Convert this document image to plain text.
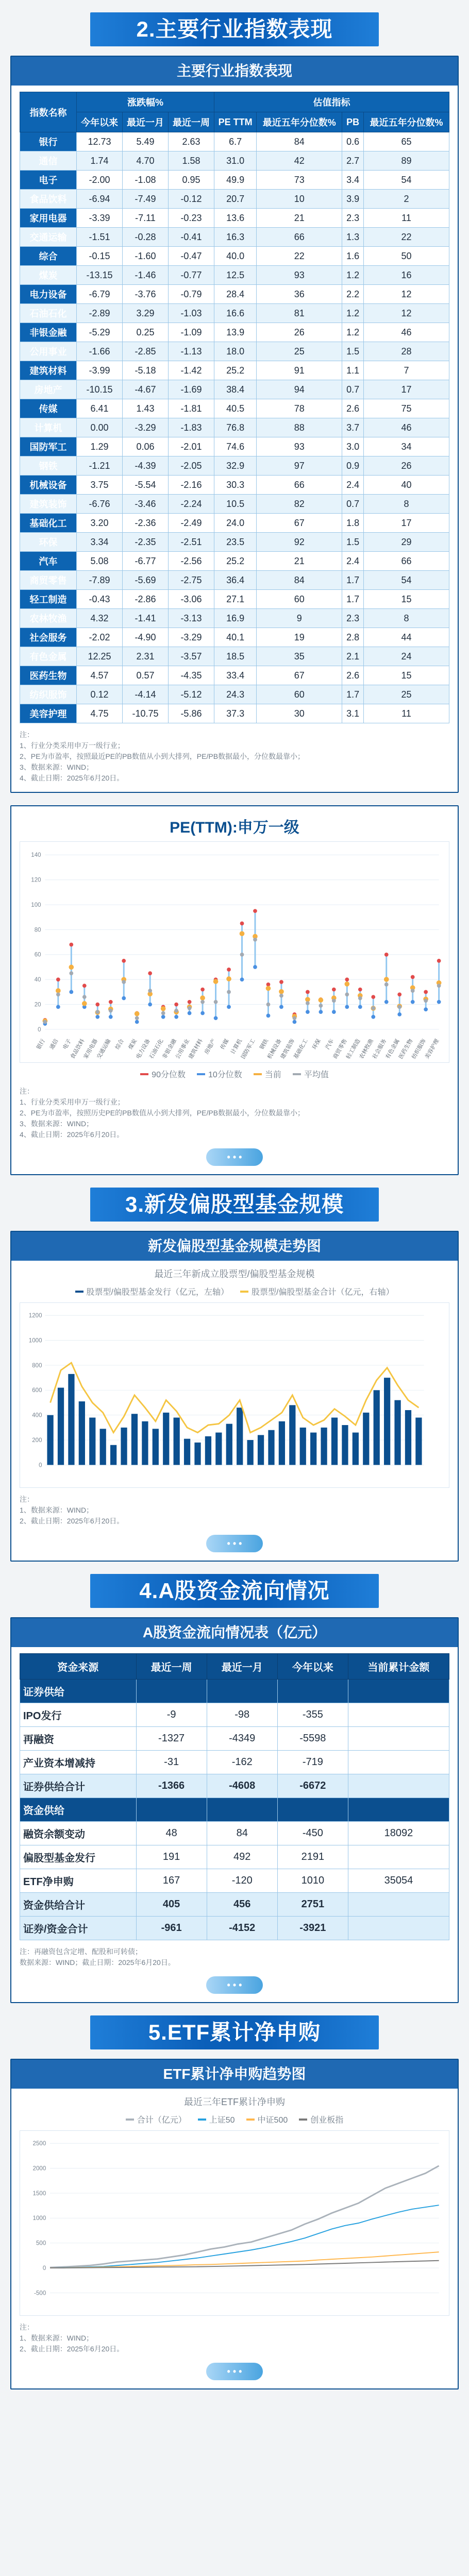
2.主要行业指数表现
主要行业指数表现
指数名称	涨跌幅%			估值指标			
	今年以来	最近一月	最近一周	PE TTM	最近五年分位数%	PB	最近五年分位数%
银行	12.73	5.49	2.63	6.7	84	0.6	65
通信	1.74	4.70	1.58	31.0	42	2.7	89
电子	-2.00	-1.08	0.95	49.9	73	3.4	54
食品饮料	-6.94	-7.49	-0.12	20.7	10	3.9	2
家用电器	-3.39	-7.11	-0.23	13.6	21	2.3	11
交通运输	-1.51	-0.28	-0.41	16.3	66	1.3	22
综合	-0.15	-1.60	-0.47	40.0	22	1.6	50
煤炭	-13.15	-1.46	-0.77	12.5	93	1.2	16
电力设备	-6.79	-3.76	-0.79	28.4	36	2.2	12
石油石化	-2.89	3.29	-1.03	16.6	81	1.2	12
非银金融	-5.29	0.25	-1.09	13.9	26	1.2	46
公用事业	-1.66	-2.85	-1.13	18.0	25	1.5	28
建筑材料	-3.99	-5.18	-1.42	25.2	91	1.1	7
房地产	-10.15	-4.67	-1.69	38.4	94	0.7	17
传媒	6.41	1.43	-1.81	40.5	78	2.6	75
计算机	0.00	-3.29	-1.83	76.8	88	3.7	46
国防军工	1.29	0.06	-2.01	74.6	93	3.0	34
钢铁	-1.21	-4.39	-2.05	32.9	97	0.9	26
机械设备	3.75	-5.54	-2.16	30.3	66	2.4	40
建筑装饰	-6.76	-3.46	-2.24	10.5	82	0.7	8
基础化工	3.20	-2.36	-2.49	24.0	67	1.8	17
环保	3.34	-2.35	-2.51	23.5	92	1.5	29
汽车	5.08	-6.77	-2.56	25.2	21	2.4	66
商贸零售	-7.89	-5.69	-2.75	36.4	84	1.7	54
轻工制造	-0.43	-2.86	-3.06	27.1	60	1.7	15
农林牧渔	4.32	-1.41	-3.13	16.9	9	2.3	8
社会服务	-2.02	-4.90	-3.29	40.1	19	2.8	44
有色金属	12.25	2.31	-3.57	18.5	35	2.1	24
医药生物	4.57	0.57	-4.35	33.4	67	2.6	15
纺织服饰	0.12	-4.14	-5.12	24.3	60	1.7	25
美容护理	4.75	-10.75	-5.86	37.3	30	3.1	11
注：
1、行业分类采用申万一级行业；
2、PE为市盈率，按照最近PE的PB数值从小到大排列，PE/PB数据最小，分位数最靠小；
3、数据来源：WIND；
4、截止日期：2025年6月20日。
PE(TTM):申万一级
0
20
40
60
80
100
120
140
银行 通信 电子
食品饮料
家用电器
交通运输 综合 煤炭
电力设备
石油石化
非银金融
公用事业
建筑材料 房地产 传媒 计算机
国防军工 钢铁
机械设备
建筑装饰
基础化工 环保 汽车
商贸零售
轻工制造
农林牧渔
社会服务
有色金属
医药生物
纺织服饰
美容护理
90分位数	10分位数	当前	平均值
注：
1、行业分类采用申万一级行业；
2、PE为市盈率，按照历史PE的PB数值从小到大排列，PE/PB数据最小，分位数最靠小；
3、数据来源：WIND；
4、截止日期：2025年6月20日。
• • •
3.新发偏股型基金规模
新发偏股型基金规模走势图
最近三年新成立股票型/偏股型基金规模
股票型/偏股型基金发行（亿元，左轴）	股票型/偏股型基金合计（亿元，右轴）
0
200
400
600
800
1000
1200
注：
1、数据来源：WIND；
2、截止日期：2025年6月20日。
• • •
4.A股资金流向情况
A股资金流向情况表（亿元）
资金来源	最近一周	最近一月	今年以来	当前累计金额
证券供给				
IPO发行	-9	-98	-355	
再融资	-1327	-4349	-5598	
产业资本增减持	-31	-162	-719	
证券供给合计	-1366	-4608	-6672	
资金供给				
融资余额变动	48	84	-450	18092
偏股型基金发行	191	492	2191	
ETF净申购	167	-120	1010	35054
资金供给合计	405	456	2751	
证券/资金合计	-961	-4152	-3921	
注：再融资包含定增、配股和可转债；
数据来源：WIND；截止日期：2025年6月20日。
• • •
5.ETF累计净申购
ETF累计净申购趋势图
最近三年ETF累计净申购
合计（亿元）	上证50	中证500	创业板指
-500
0
500
1000
1500
2000
2500
注：
1、数据来源：WIND；
2、截止日期：2025年6月20日。
• • •
